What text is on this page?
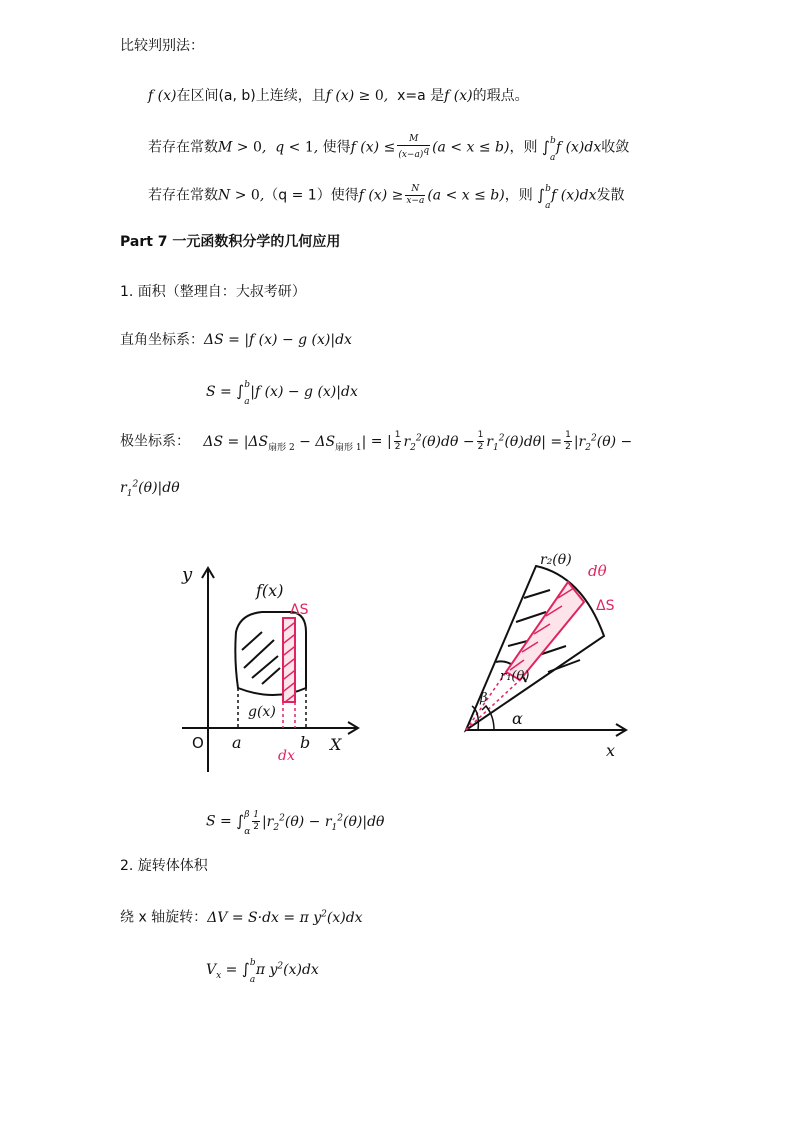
比较判别法：
f (x)在区间(a, b)上连续，且f (x) ≥ 0, x=a 是f (x)的瑕点。
若存在常数M > 0,  q < 1, 使得f $(x) \le \frac{M}{(x-a)^q} (a < x \le b)$，则 ∫ b
a
f (x)dx收敛
若存在常数N > 0,（q = 1）使得f $(x) \ge \frac{N}{x-a} (a < x \le b)$，则 ∫ b
a
f (x)dx发散
Part 7 一元函数积分学的几何应用
1. 面积（整理自：大叔考研）
直角坐标系：ΔS = |f (x) − g (x)|dx
S = ∫ b
a
|f (x) − g (x)|dx
极坐标系： $\Delta S = |\Delta S_{扇形 2} - \Delta S_{扇形 1}|$ = | $\frac{1}{2} r_2^2(\theta)d\theta - \frac{1}{2} r_1^2(\theta)d\theta| = \frac{1}{2} |r_2^2(\theta)$ −
$r_1^2(\theta)|d\theta$
y
f(x)
ΔS
g(x)
O a	b X
dx
r₂(θ)
dθ
ΔS
r₁(θ)
β
α
x
S = ∫ β
α $\frac{1}{2} |r_2^2(\theta) - r_1^2(\theta)|d\theta$
2. 旋转体体积
绕 x 轴旋转：ΔV = S·dx = π $y^2(x)dx$
$V_x$ = ∫ b
a
π $y^2(x)dx$
